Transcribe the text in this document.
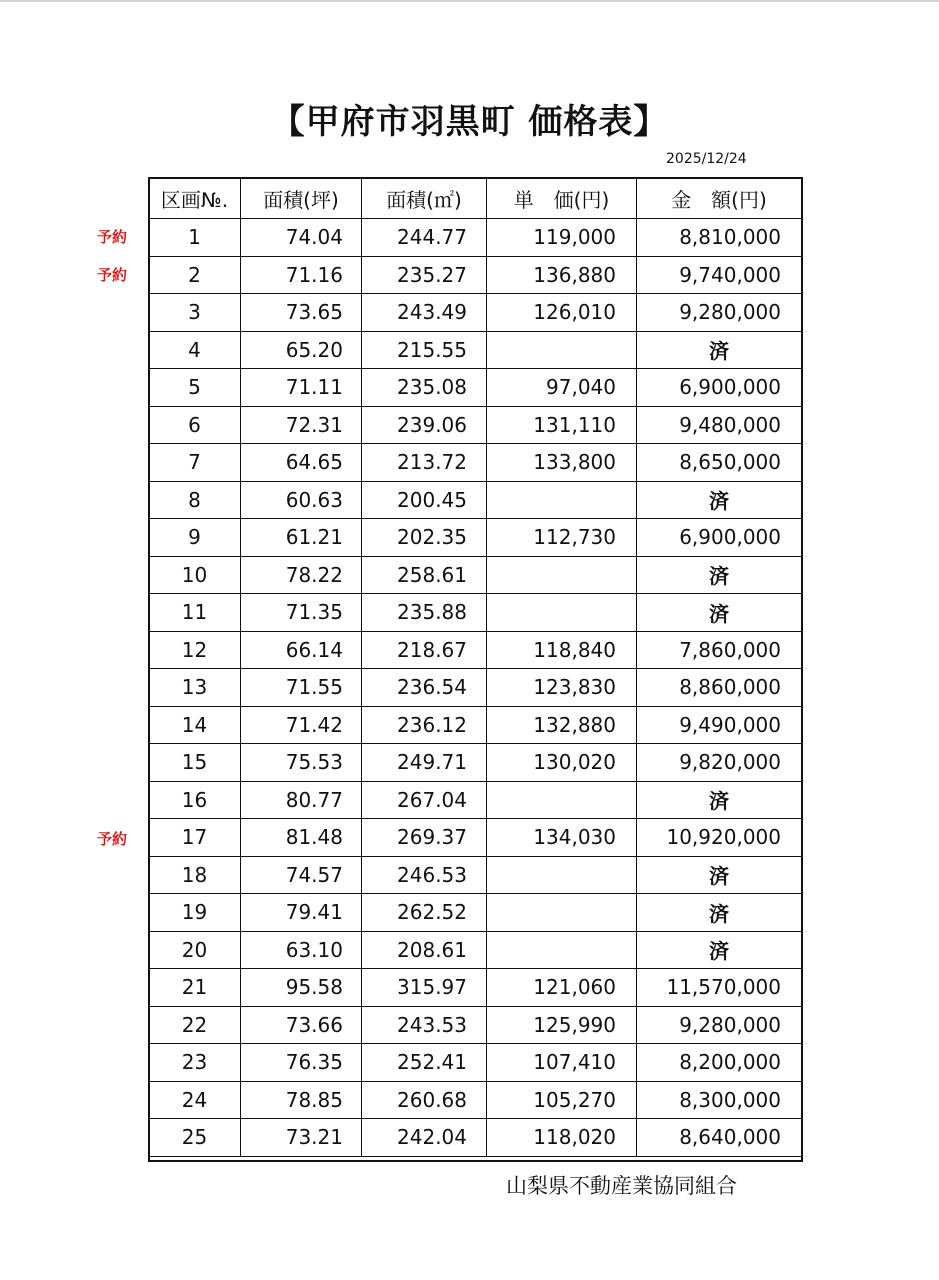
【甲府市羽黒町 価格表】
2025/12/24
区画№.	面積(坪)	面積(㎡)	単　価(円)	金　額(円)
1	74.04	244.77	119,000	8,810,000
2	71.16	235.27	136,880	9,740,000
3	73.65	243.49	126,010	9,280,000
4	65.20	215.55		済
5	71.11	235.08	97,040	6,900,000
6	72.31	239.06	131,110	9,480,000
7	64.65	213.72	133,800	8,650,000
8	60.63	200.45		済
9	61.21	202.35	112,730	6,900,000
10	78.22	258.61		済
11	71.35	235.88		済
12	66.14	218.67	118,840	7,860,000
13	71.55	236.54	123,830	8,860,000
14	71.42	236.12	132,880	9,490,000
15	75.53	249.71	130,020	9,820,000
16	80.77	267.04		済
17	81.48	269.37	134,030	10,920,000
18	74.57	246.53		済
19	79.41	262.52		済
20	63.10	208.61		済
21	95.58	315.97	121,060	11,570,000
22	73.66	243.53	125,990	9,280,000
23	76.35	252.41	107,410	8,200,000
24	78.85	260.68	105,270	8,300,000
25	73.21	242.04	118,020	8,640,000
予約
予約
予約
山梨県不動産業協同組合
